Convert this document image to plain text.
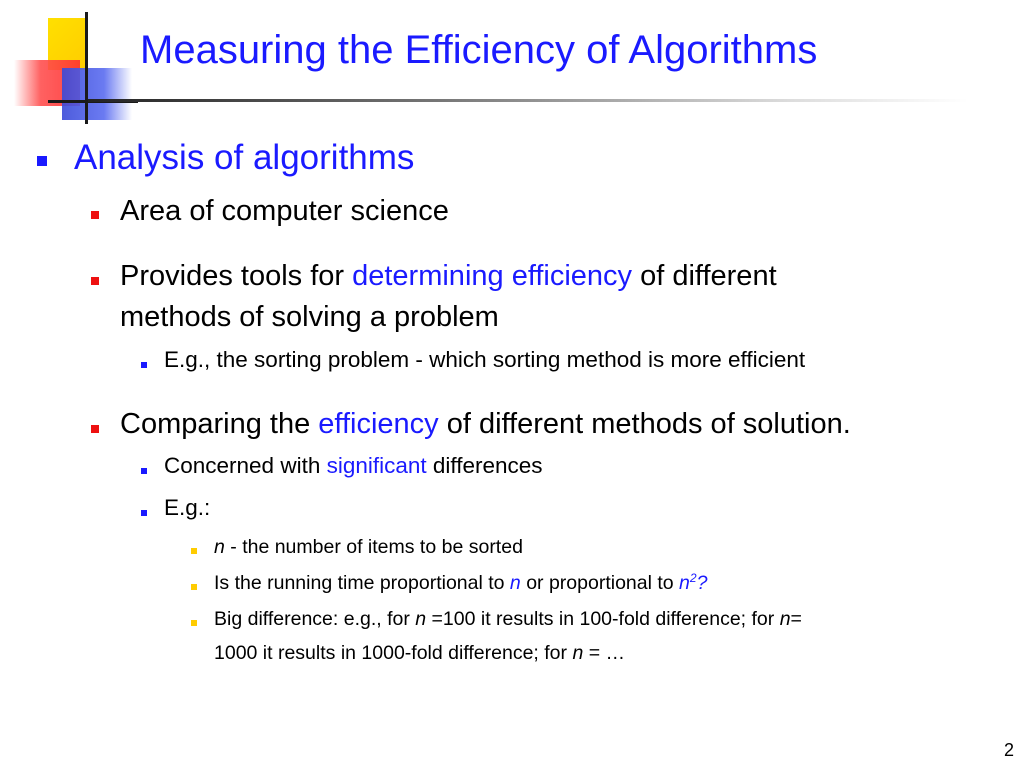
Measuring the Efficiency of Algorithms
Analysis of algorithms
Area of computer science
Provides tools for determining efficiency of different
methods of solving a problem
E.g., the sorting problem - which sorting method is more efficient
Comparing the efficiency of different methods of solution.
Concerned with significant differences
E.g.:
n - the number of items to be sorted
Is the running time proportional to n or proportional to $n^2$?
Big difference: e.g., for n =100 it results in 100-fold difference; for n=
1000 it results in 1000-fold difference; for n = …
2
